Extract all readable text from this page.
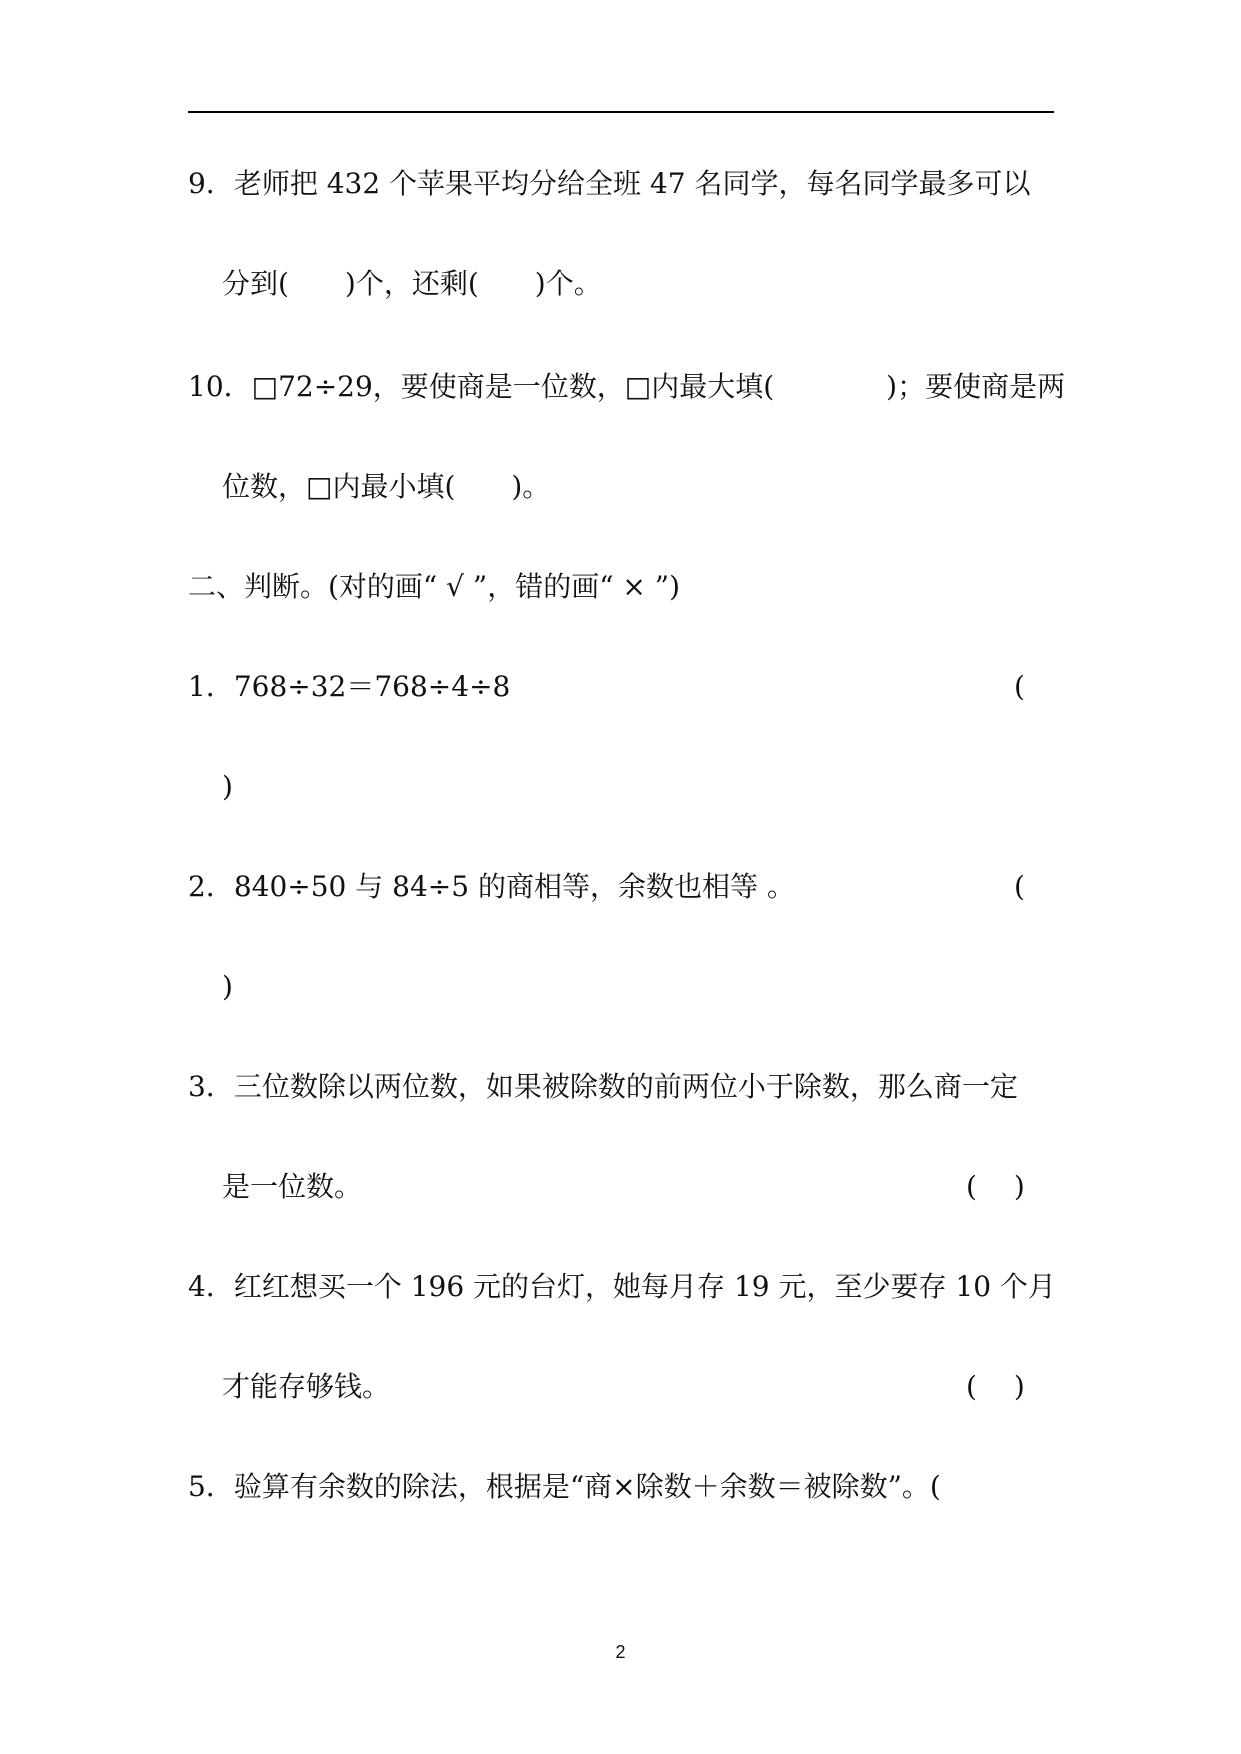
9．老师把 432 个苹果平均分给全班 47 名同学，每名同学最多可以
分到(　　)个，还剩(　　)个。
10．□72÷29，要使商是一位数，□内最大填(　　　　)；要使商是两
位数，□内最小填(　　)。
二、判断。(对的画“ √ ”，错的画“ × ”)
1．768÷32＝768÷4÷8	(
)
2．840÷50 与 84÷5 的商相等，余数也相等 。	(
)
3．三位数除以两位数，如果被除数的前两位小于除数，那么商一定
是一位数。	(　 )
4．红红想买一个 196 元的台灯，她每月存 19 元，至少要存 10 个月
才能存够钱。	(　 )
5．验算有余数的除法，根据是“商×除数＋余数＝被除数”。(
2
